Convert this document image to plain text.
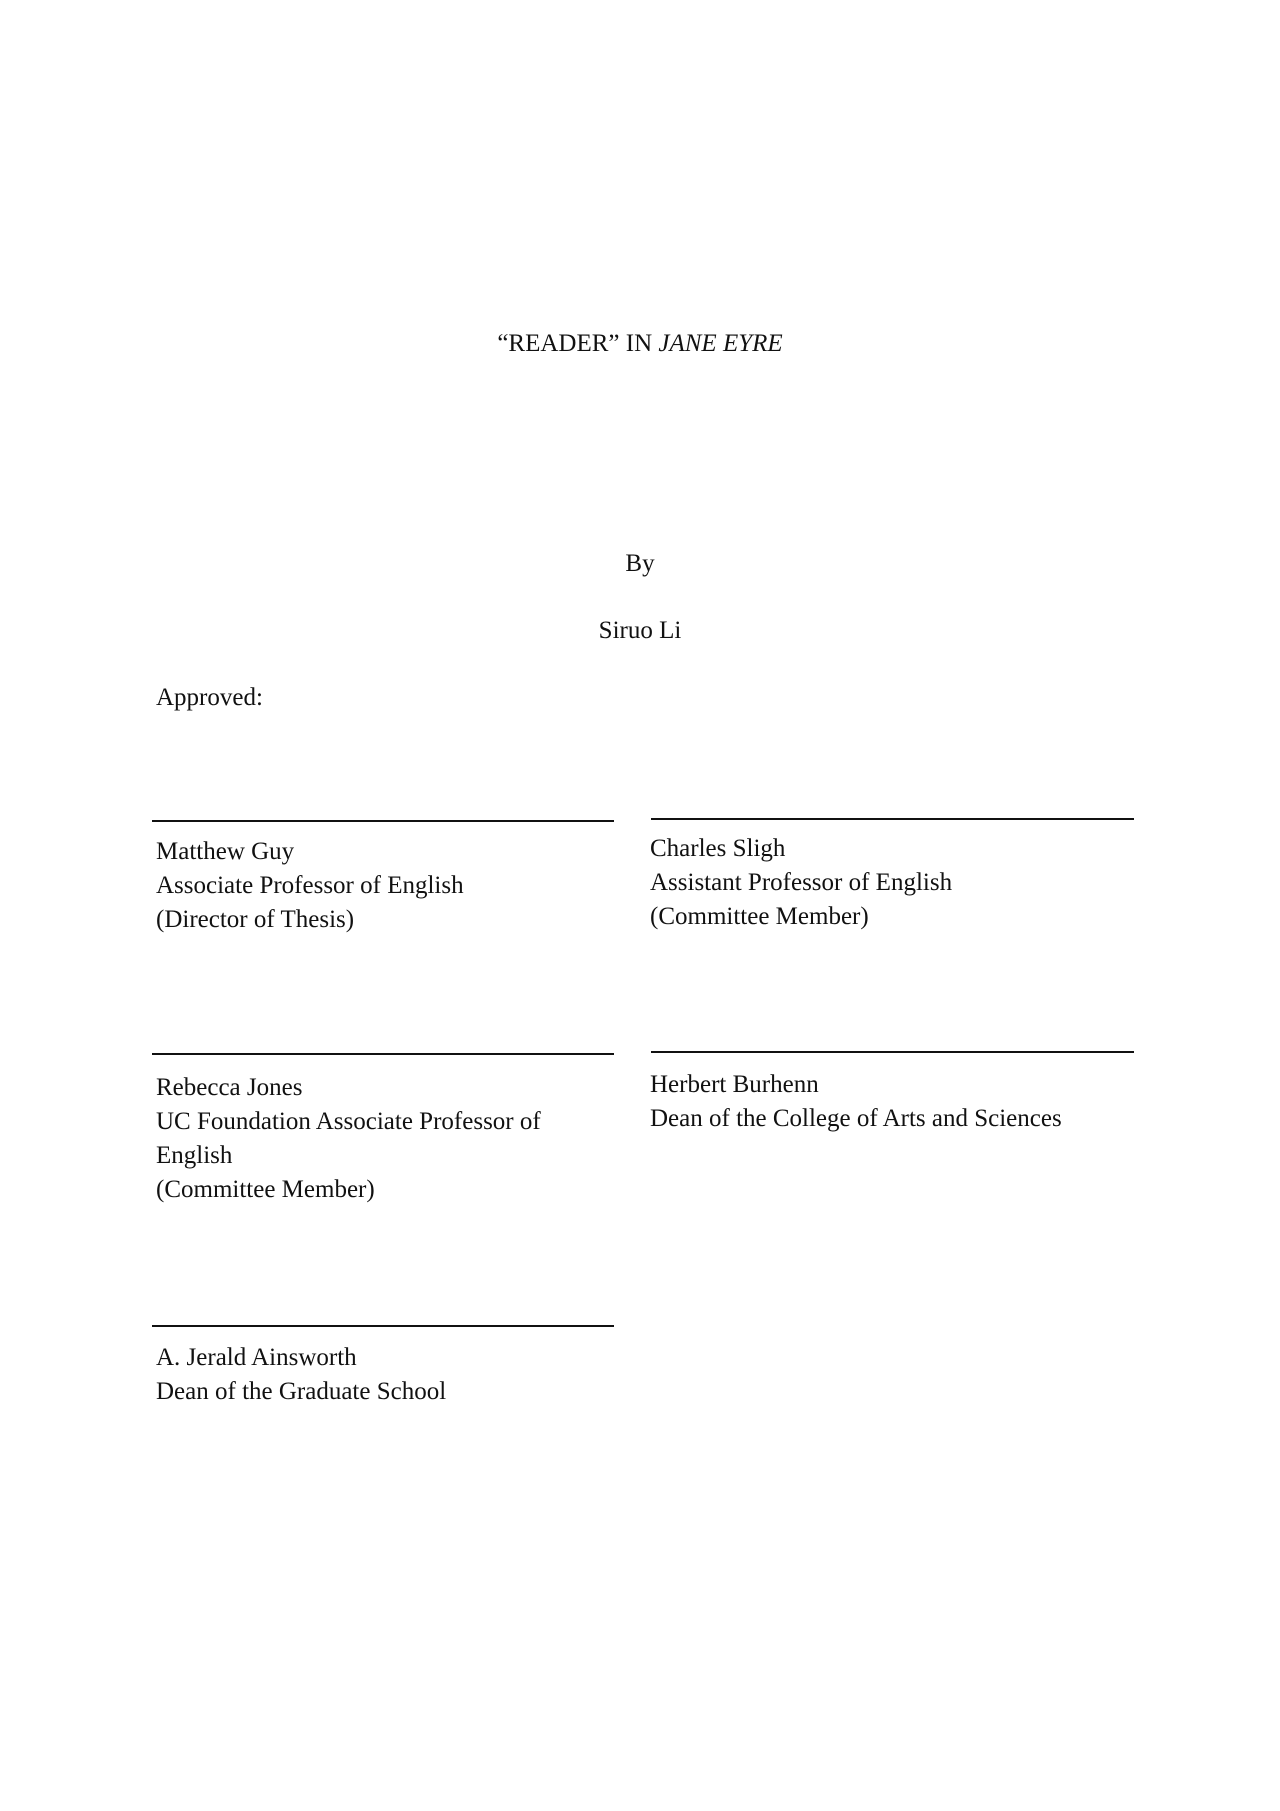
“READER” IN JANE EYRE
By
Siruo Li
Approved:
Matthew Guy
Associate Professor of English
(Director of Thesis)
Charles Sligh
Assistant Professor of English
(Committee Member)
Rebecca Jones
UC Foundation Associate Professor of
English
(Committee Member)
Herbert Burhenn
Dean of the College of Arts and Sciences
A. Jerald Ainsworth
Dean of the Graduate School
